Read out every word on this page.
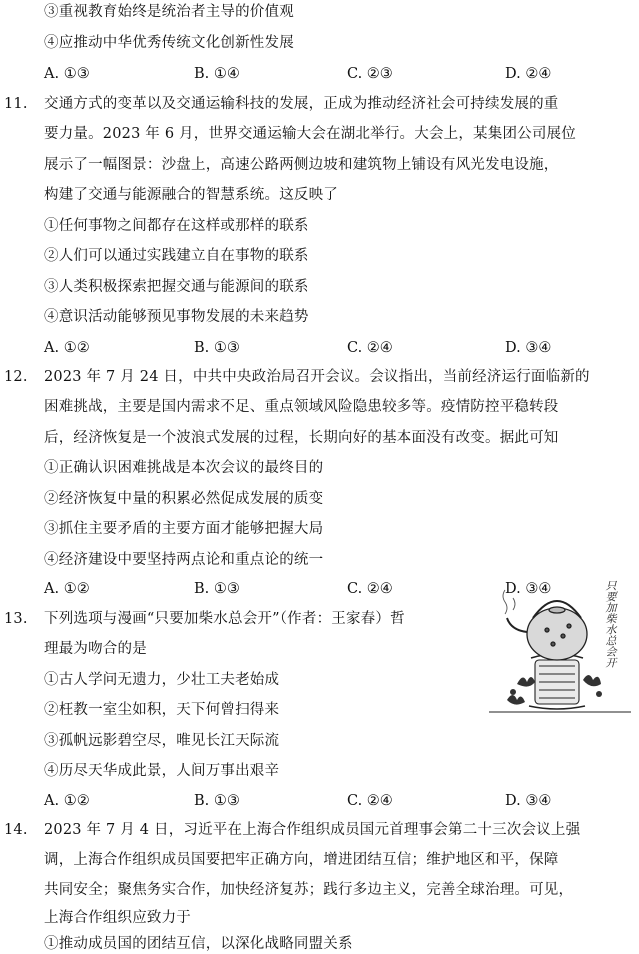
③重视教育始终是统治者主导的价值观
④应推动中华优秀传统文化创新性发展
A. ①③	B. ①④	C. ②③	D. ②④
11. 交通方式的变革以及交通运输科技的发展，正成为推动经济社会可持续发展的重
要力量。2023 年 6 月，世界交通运输大会在湖北举行。大会上，某集团公司展位
展示了一幅图景：沙盘上，高速公路两侧边坡和建筑物上铺设有风光发电设施，
构建了交通与能源融合的智慧系统。这反映了
①任何事物之间都存在这样或那样的联系
②人们可以通过实践建立自在事物的联系
③人类积极探索把握交通与能源间的联系
④意识活动能够预见事物发展的未来趋势
A. ①②	B. ①③	C. ②④	D. ③④
12. 2023 年 7 月 24 日，中共中央政治局召开会议。会议指出，当前经济运行面临新的
困难挑战，主要是国内需求不足、重点领域风险隐患较多等。疫情防控平稳转段
后，经济恢复是一个波浪式发展的过程，长期向好的基本面没有改变。据此可知
①正确认识困难挑战是本次会议的最终目的
②经济恢复中量的积累必然促成发展的质变
③抓住主要矛盾的主要方面才能够把握大局
④经济建设中要坚持两点论和重点论的统一
A. ①②	B. ①③	C. ②④	D. ③④
13. 下列选项与漫画“只要加柴水总会开”（作者：王家春）哲
理最为吻合的是
①古人学问无遗力，少壮工夫老始成
②枉教一室尘如积，天下何曾扫得来
③孤帆远影碧空尽，唯见长江天际流
④历尽天华成此景，人间万事出艰辛
A. ①②	B. ①③	C. ②④	D. ③④
只要加柴水总会开
14. 2023 年 7 月 4 日，习近平在上海合作组织成员国元首理事会第二十三次会议上强
调，上海合作组织成员国要把牢正确方向，增进团结互信；维护地区和平，保障
共同安全；聚焦务实合作，加快经济复苏；践行多边主义，完善全球治理。可见，
上海合作组织应致力于
①推动成员国的团结互信，以深化战略同盟关系
